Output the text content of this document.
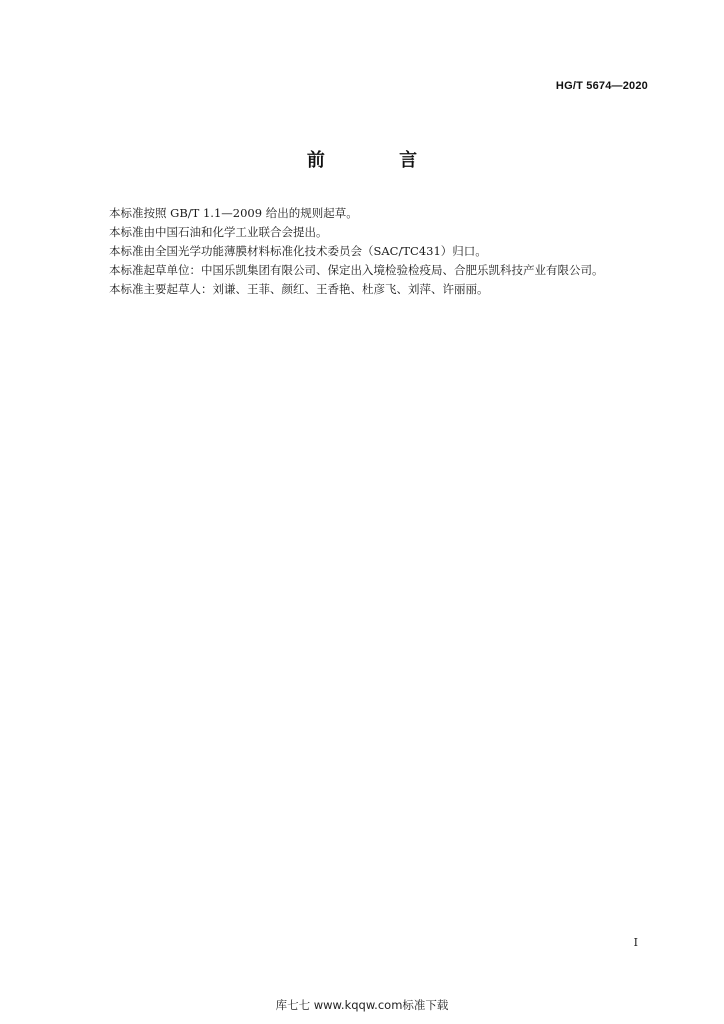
HG/T 5674—2020
前 言

本标准按照 GB/T 1.1—2009 给出的规则起草。

本标准由中国石油和化学工业联合会提出。

本标准由全国光学功能薄膜材料标准化技术委员会（SAC/TC431）归口。

本标准起草单位：中国乐凯集团有限公司、保定出入境检验检疫局、合肥乐凯科技产业有限公司。

本标准主要起草人：刘谦、王菲、颜红、王香艳、杜彦飞、刘萍、许丽丽。

I
库七七 www.kqqw.com标准下载
